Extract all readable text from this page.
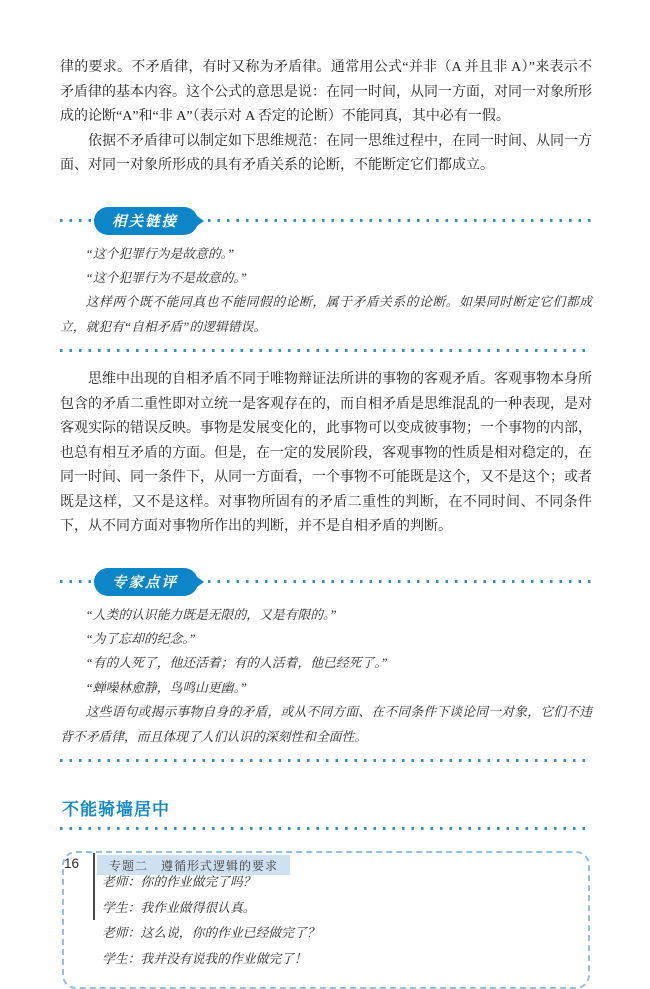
律的要求。不矛盾律，有时又称为矛盾律。通常用公式“并非（A 并且非 A）”来表示不矛盾律的基本内容。这个公式的意思是说：在同一时间，从同一方面，对同一对象所形成的论断“A”和“非 A”（表示对 A 否定的论断）不能同真，其中必有一假。

依据不矛盾律可以制定如下思维规范：在同一思维过程中，在同一时间、从同一方面、对同一对象所形成的具有矛盾关系的论断，不能断定它们都成立。

相关链接

“这个犯罪行为是故意的。”

“这个犯罪行为不是故意的。”

这样两个既不能同真也不能同假的论断，属于矛盾关系的论断。如果同时断定它们都成立，就犯有“自相矛盾”的逻辑错误。

思维中出现的自相矛盾不同于唯物辩证法所讲的事物的客观矛盾。客观事物本身所包含的矛盾二重性即对立统一是客观存在的，而自相矛盾是思维混乱的一种表现，是对客观实际的错误反映。事物是发展变化的，此事物可以变成彼事物；一个事物的内部，也总有相互矛盾的方面。但是，在一定的发展阶段，客观事物的性质是相对稳定的，在同一时间、同一条件下，从同一方面看，一个事物不可能既是这个，又不是这个；或者既是这样，又不是这样。对事物所固有的矛盾二重性的判断，在不同时间、不同条件下，从不同方面对事物所作出的判断，并不是自相矛盾的判断。

专家点评

“人类的认识能力既是无限的，又是有限的。”

“为了忘却的纪念。”

“有的人死了，他还活着；有的人活着，他已经死了。”

“蝉噪林愈静，鸟鸣山更幽。”

这些语句或揭示事物自身的矛盾，或从不同方面、在不同条件下谈论同一对象，它们不违背不矛盾律，而且体现了人们认识的深刻性和全面性。

不能骑墙居中

老师：你的作业做完了吗？

学生：我作业做得很认真。

老师：这么说，你的作业已经做完了？

学生：我并没有说我的作业做完了！

16	专题二　遵循形式逻辑的要求
